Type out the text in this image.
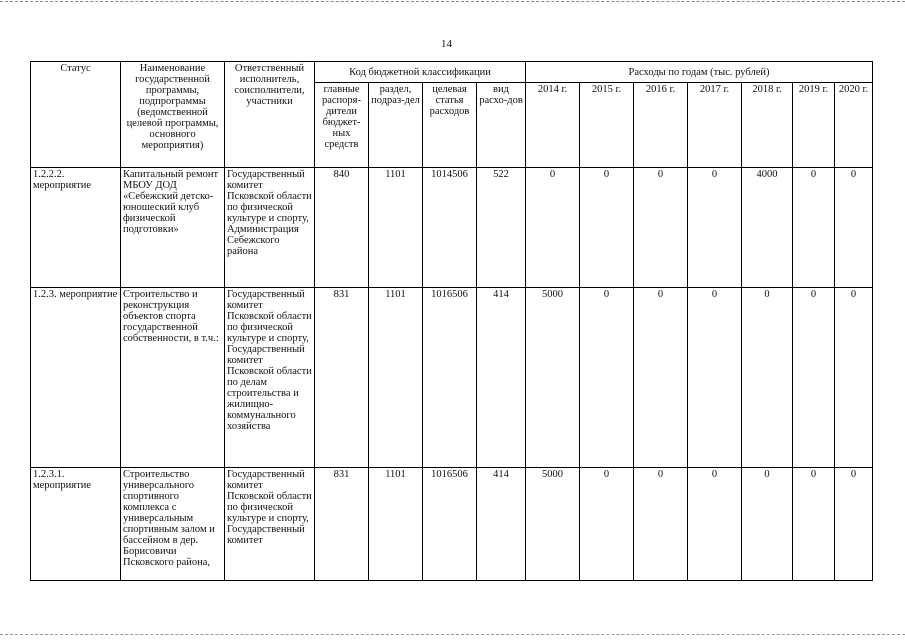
14
Статус	Наименование государственной программы, подпрограммы (ведомственной целевой программы, основного мероприятия)	Ответственный исполнитель, соисполнители, участники	Код бюджетной классификации				Расходы по годам (тыс. рублей)						
			главные распоря-дители бюджет-ных средств	раздел, подраз-дел	целевая статья расходов	вид расхо-дов	2014 г.	2015 г.	2016 г.	2017 г.	2018 г.	2019 г.	2020 г.
1.2.2.2. мероприятие	Капитальный ремонт МБОУ ДОД «Себежский детско-юношеский клуб физической подготовки»	Государственный комитет Псковской области по физической культуре и спорту, Администрация Себежского района	840	1101	1014506	522	0	0	0	0	4000	0	0
1.2.3. мероприятие	Строительство и реконструкция объектов спорта государственной собственности, в т.ч.:	Государственный комитет Псковской области по физической культуре и спорту, Государственный комитет Псковской области по делам строительства и жилищно-коммунального хозяйства	831	1101	1016506	414	5000	0	0	0	0	0	0
1.2.3.1. мероприятие	Строительство универсального спортивного комплекса с универсальным спортивным залом и бассейном в дер. Борисовичи Псковского района,	Государственный комитет Псковской области по физической культуре и спорту, Государственный комитет	831	1101	1016506	414	5000	0	0	0	0	0	0
